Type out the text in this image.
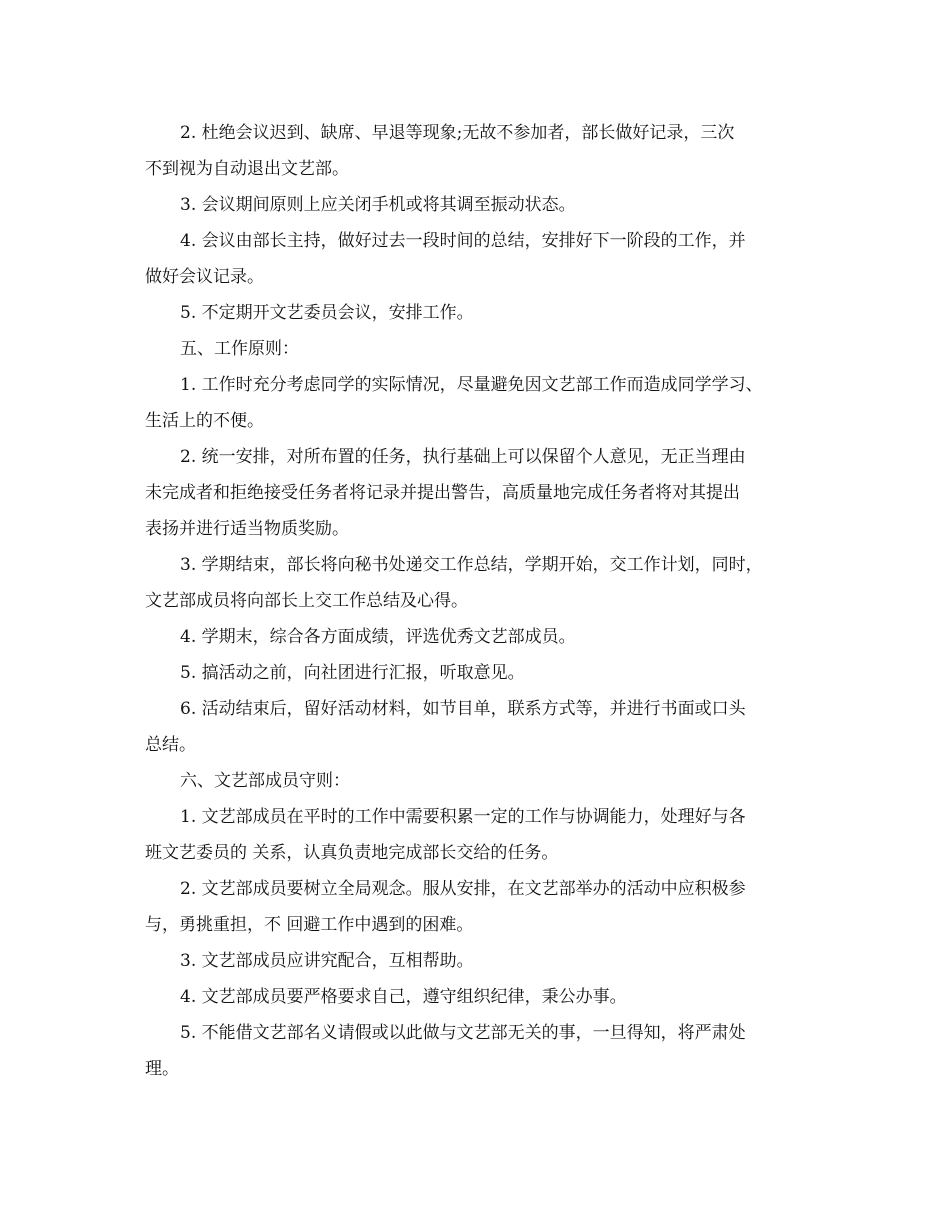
2. 杜绝会议迟到、缺席、早退等现象;无故不参加者，部长做好记录，三次
不到视为自动退出文艺部。
3. 会议期间原则上应关闭手机或将其调至振动状态。
4. 会议由部长主持，做好过去一段时间的总结，安排好下一阶段的工作，并
做好会议记录。
5. 不定期开文艺委员会议，安排工作。
五、工作原则：
1. 工作时充分考虑同学的实际情况，尽量避免因文艺部工作而造成同学学习、
生活上的不便。
2. 统一安排，对所布置的任务，执行基础上可以保留个人意见，无正当理由
未完成者和拒绝接受任务者将记录并提出警告，高质量地完成任务者将对其提出
表扬并进行适当物质奖励。
3. 学期结束，部长将向秘书处递交工作总结，学期开始，交工作计划，同时，
文艺部成员将向部长上交工作总结及心得。
4. 学期末，综合各方面成绩，评选优秀文艺部成员。
5. 搞活动之前，向社团进行汇报，听取意见。
6. 活动结束后，留好活动材料，如节目单，联系方式等，并进行书面或口头
总结。
六、文艺部成员守则：
1. 文艺部成员在平时的工作中需要积累一定的工作与协调能力，处理好与各
班文艺委员的 关系，认真负责地完成部长交给的任务。
2. 文艺部成员要树立全局观念。服从安排，在文艺部举办的活动中应积极参
与，勇挑重担，不 回避工作中遇到的困难。
3. 文艺部成员应讲究配合，互相帮助。
4. 文艺部成员要严格要求自己，遵守组织纪律，秉公办事。
5. 不能借文艺部名义请假或以此做与文艺部无关的事，一旦得知，将严肃处
理。
